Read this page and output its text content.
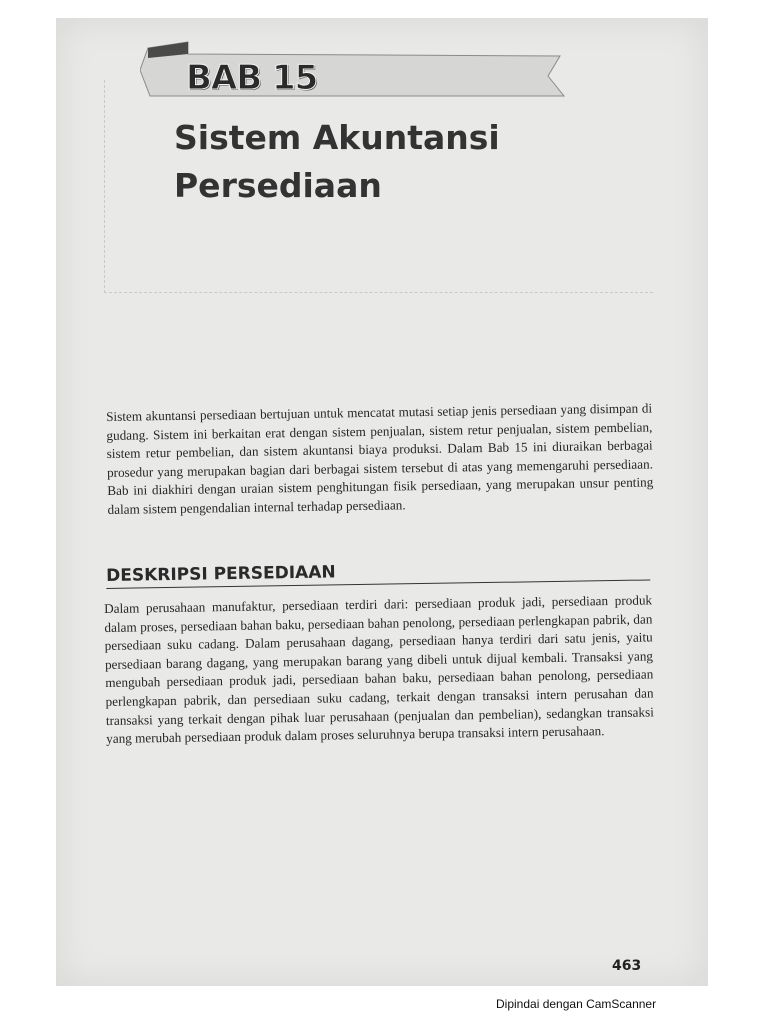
BAB 15
Sistem Akuntansi Persediaan

Sistem akuntansi persediaan bertujuan untuk mencatat mutasi setiap jenis persediaan yang disimpan di gudang. Sistem ini berkaitan erat dengan sistem penjualan, sistem retur penjualan, sistem pembelian, sistem retur pembelian, dan sistem akuntansi biaya produksi. Dalam Bab 15 ini diuraikan berbagai prosedur yang merupakan bagian dari berbagai sistem tersebut di atas yang memengaruhi persediaan. Bab ini diakhiri dengan uraian sistem penghitungan fisik persediaan, yang merupakan unsur penting dalam sistem pengendalian internal terhadap persediaan.

DESKRIPSI PERSEDIAAN

Dalam perusahaan manufaktur, persediaan terdiri dari: persediaan produk jadi, persediaan produk dalam proses, persediaan bahan baku, persediaan bahan penolong, persediaan perlengkapan pabrik, dan persediaan suku cadang. Dalam perusahaan dagang, persediaan hanya terdiri dari satu jenis, yaitu persediaan barang dagang, yang merupakan barang yang dibeli untuk dijual kembali. Transaksi yang mengubah persediaan produk jadi, persediaan bahan baku, persediaan bahan penolong, persediaan perlengkapan pabrik, dan persediaan suku cadang, terkait dengan transaksi intern perusahan dan transaksi yang terkait dengan pihak luar perusahaan (penjualan dan pembelian), sedangkan transaksi yang merubah persediaan produk dalam proses seluruhnya berupa transaksi intern perusahaan.

463
Dipindai dengan CamScanner
